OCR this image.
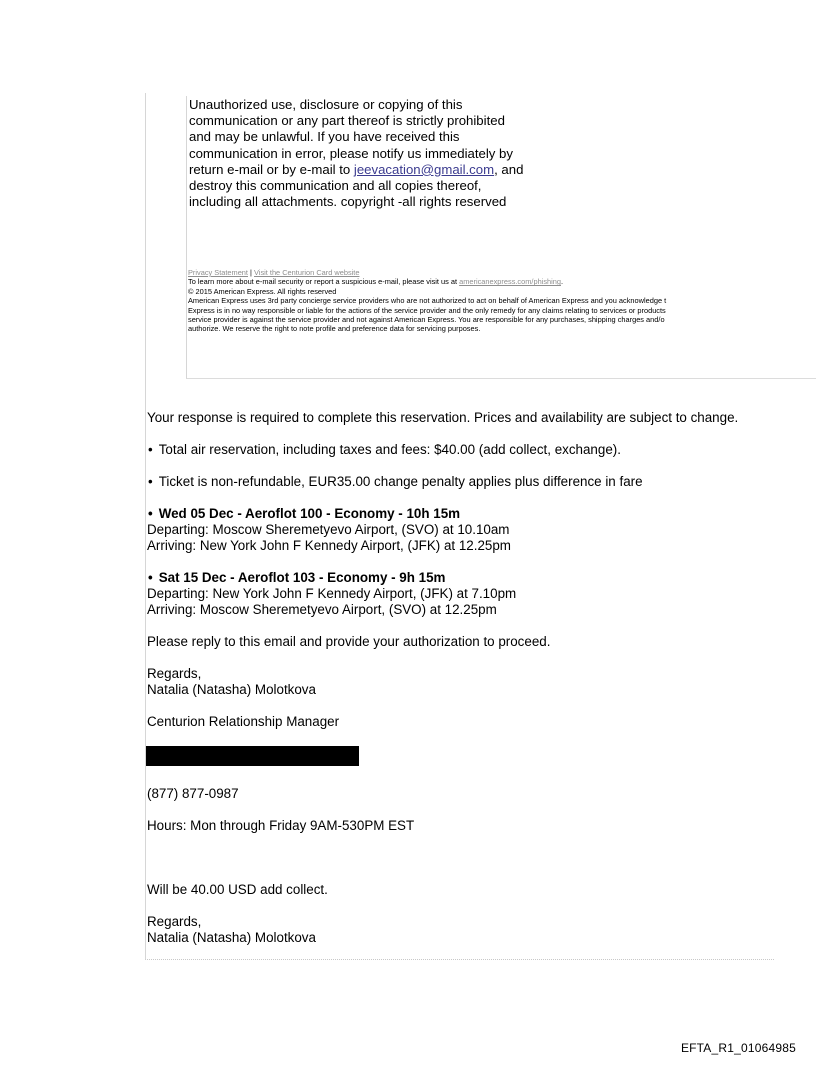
Unauthorized use, disclosure or copying of this
communication or any part thereof is strictly prohibited
and may be unlawful. If you have received this
communication in error, please notify us immediately by
return e-mail or by e-mail to jeevacation@gmail.com, and
destroy this communication and all copies thereof,
including all attachments. copyright -all rights reserved

Privacy Statement | Visit the Centurion Card website

To learn more about e-mail security or report a suspicious e-mail, please visit us at americanexpress.com/phishing.

© 2015 American Express. All rights reserved

American Express uses 3rd party concierge service providers who are not authorized to act on behalf of American Express and you acknowledge t

Express is in no way responsible or liable for the actions of the service provider and the only remedy for any claims relating to services or products

service provider is against the service provider and not against American Express. You are responsible for any purchases, shipping charges and/o

authorize. We reserve the right to note profile and preference data for servicing purposes.

Your response is required to complete this reservation. Prices and availability are subject to change.

• Total air reservation, including taxes and fees: $40.00 (add collect, exchange).

• Ticket is non-refundable, EUR35.00 change penalty applies plus difference in fare

• Wed 05 Dec - Aeroflot 100 - Economy - 10h 15m

Departing: Moscow Sheremetyevo Airport, (SVO) at 10.10am

Arriving: New York John F Kennedy Airport, (JFK) at 12.25pm

• Sat 15 Dec - Aeroflot 103 - Economy - 9h 15m

Departing: New York John F Kennedy Airport, (JFK) at 7.10pm

Arriving: Moscow Sheremetyevo Airport, (SVO) at 12.25pm

Please reply to this email and provide your authorization to proceed.

Regards,

Natalia (Natasha) Molotkova

Centurion Relationship Manager

(877) 877-0987

Hours: Mon through Friday 9AM-530PM EST

Will be 40.00 USD add collect.

Regards,

Natalia (Natasha) Molotkova

EFTA_R1_01064985
